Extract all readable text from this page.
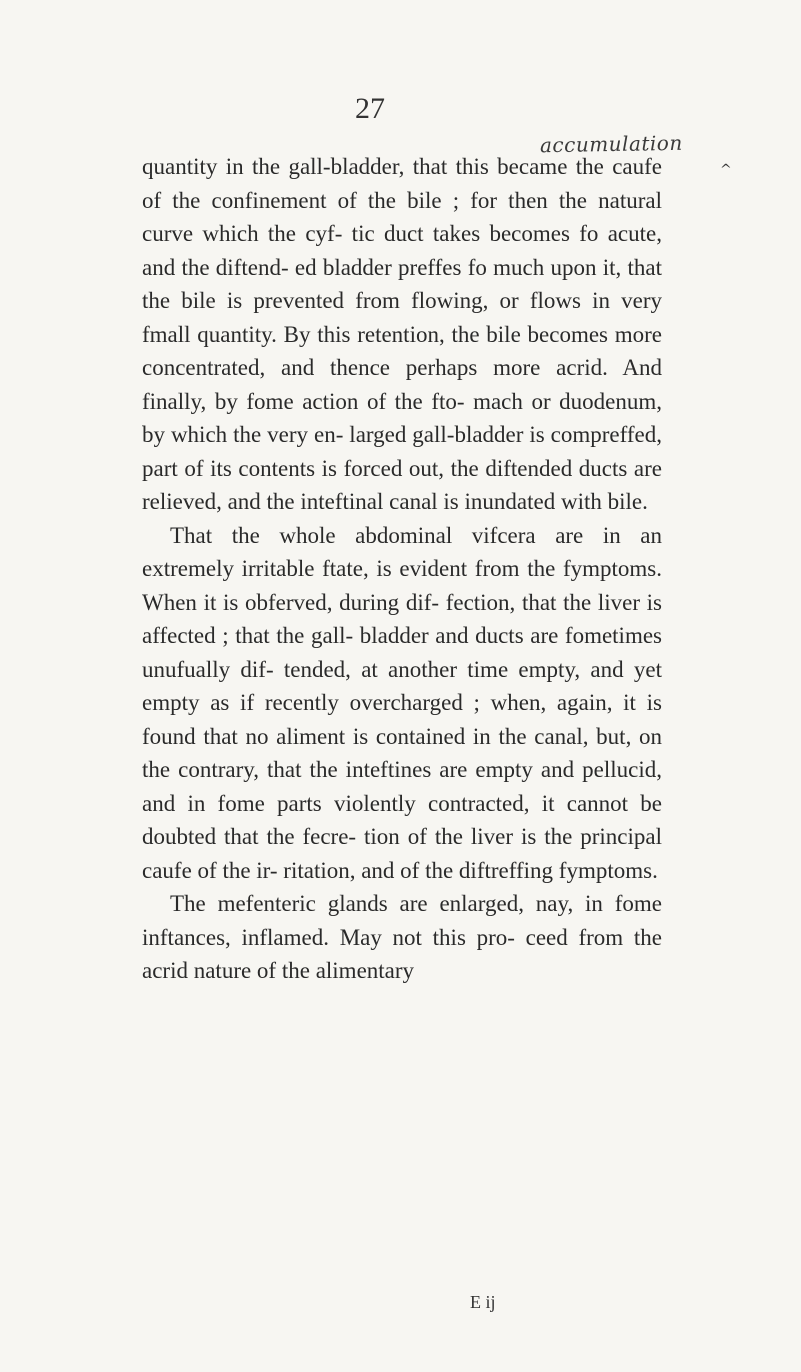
27
accumulation
^

quantity in the gall-bladder, that this became the caufe of the confinement of the bile ; for then the natural curve which the cyf- tic duct takes becomes fo acute, and the diftend- ed bladder preffes fo much upon it, that the bile is prevented from flowing, or flows in very fmall quantity. By this retention, the bile becomes more concentrated, and thence perhaps more acrid. And finally, by fome action of the fto- mach or duodenum, by which the very en- larged gall-bladder is compreffed, part of its contents is forced out, the diftended ducts are relieved, and the inteftinal canal is inundated with bile.

That the whole abdominal vifcera are in an extremely irritable ftate, is evident from the fymptoms. When it is obferved, during dif- fection, that the liver is affected ; that the gall- bladder and ducts are fometimes unufually dif- tended, at another time empty, and yet empty as if recently overcharged ; when, again, it is found that no aliment is contained in the canal, but, on the contrary, that the inteftines are empty and pellucid, and in fome parts violently contracted, it cannot be doubted that the fecre- tion of the liver is the principal caufe of the ir- ritation, and of the diftreffing fymptoms.

The mefenteric glands are enlarged, nay, in fome inftances, inflamed. May not this pro- ceed from the acrid nature of the alimentary

E ij
